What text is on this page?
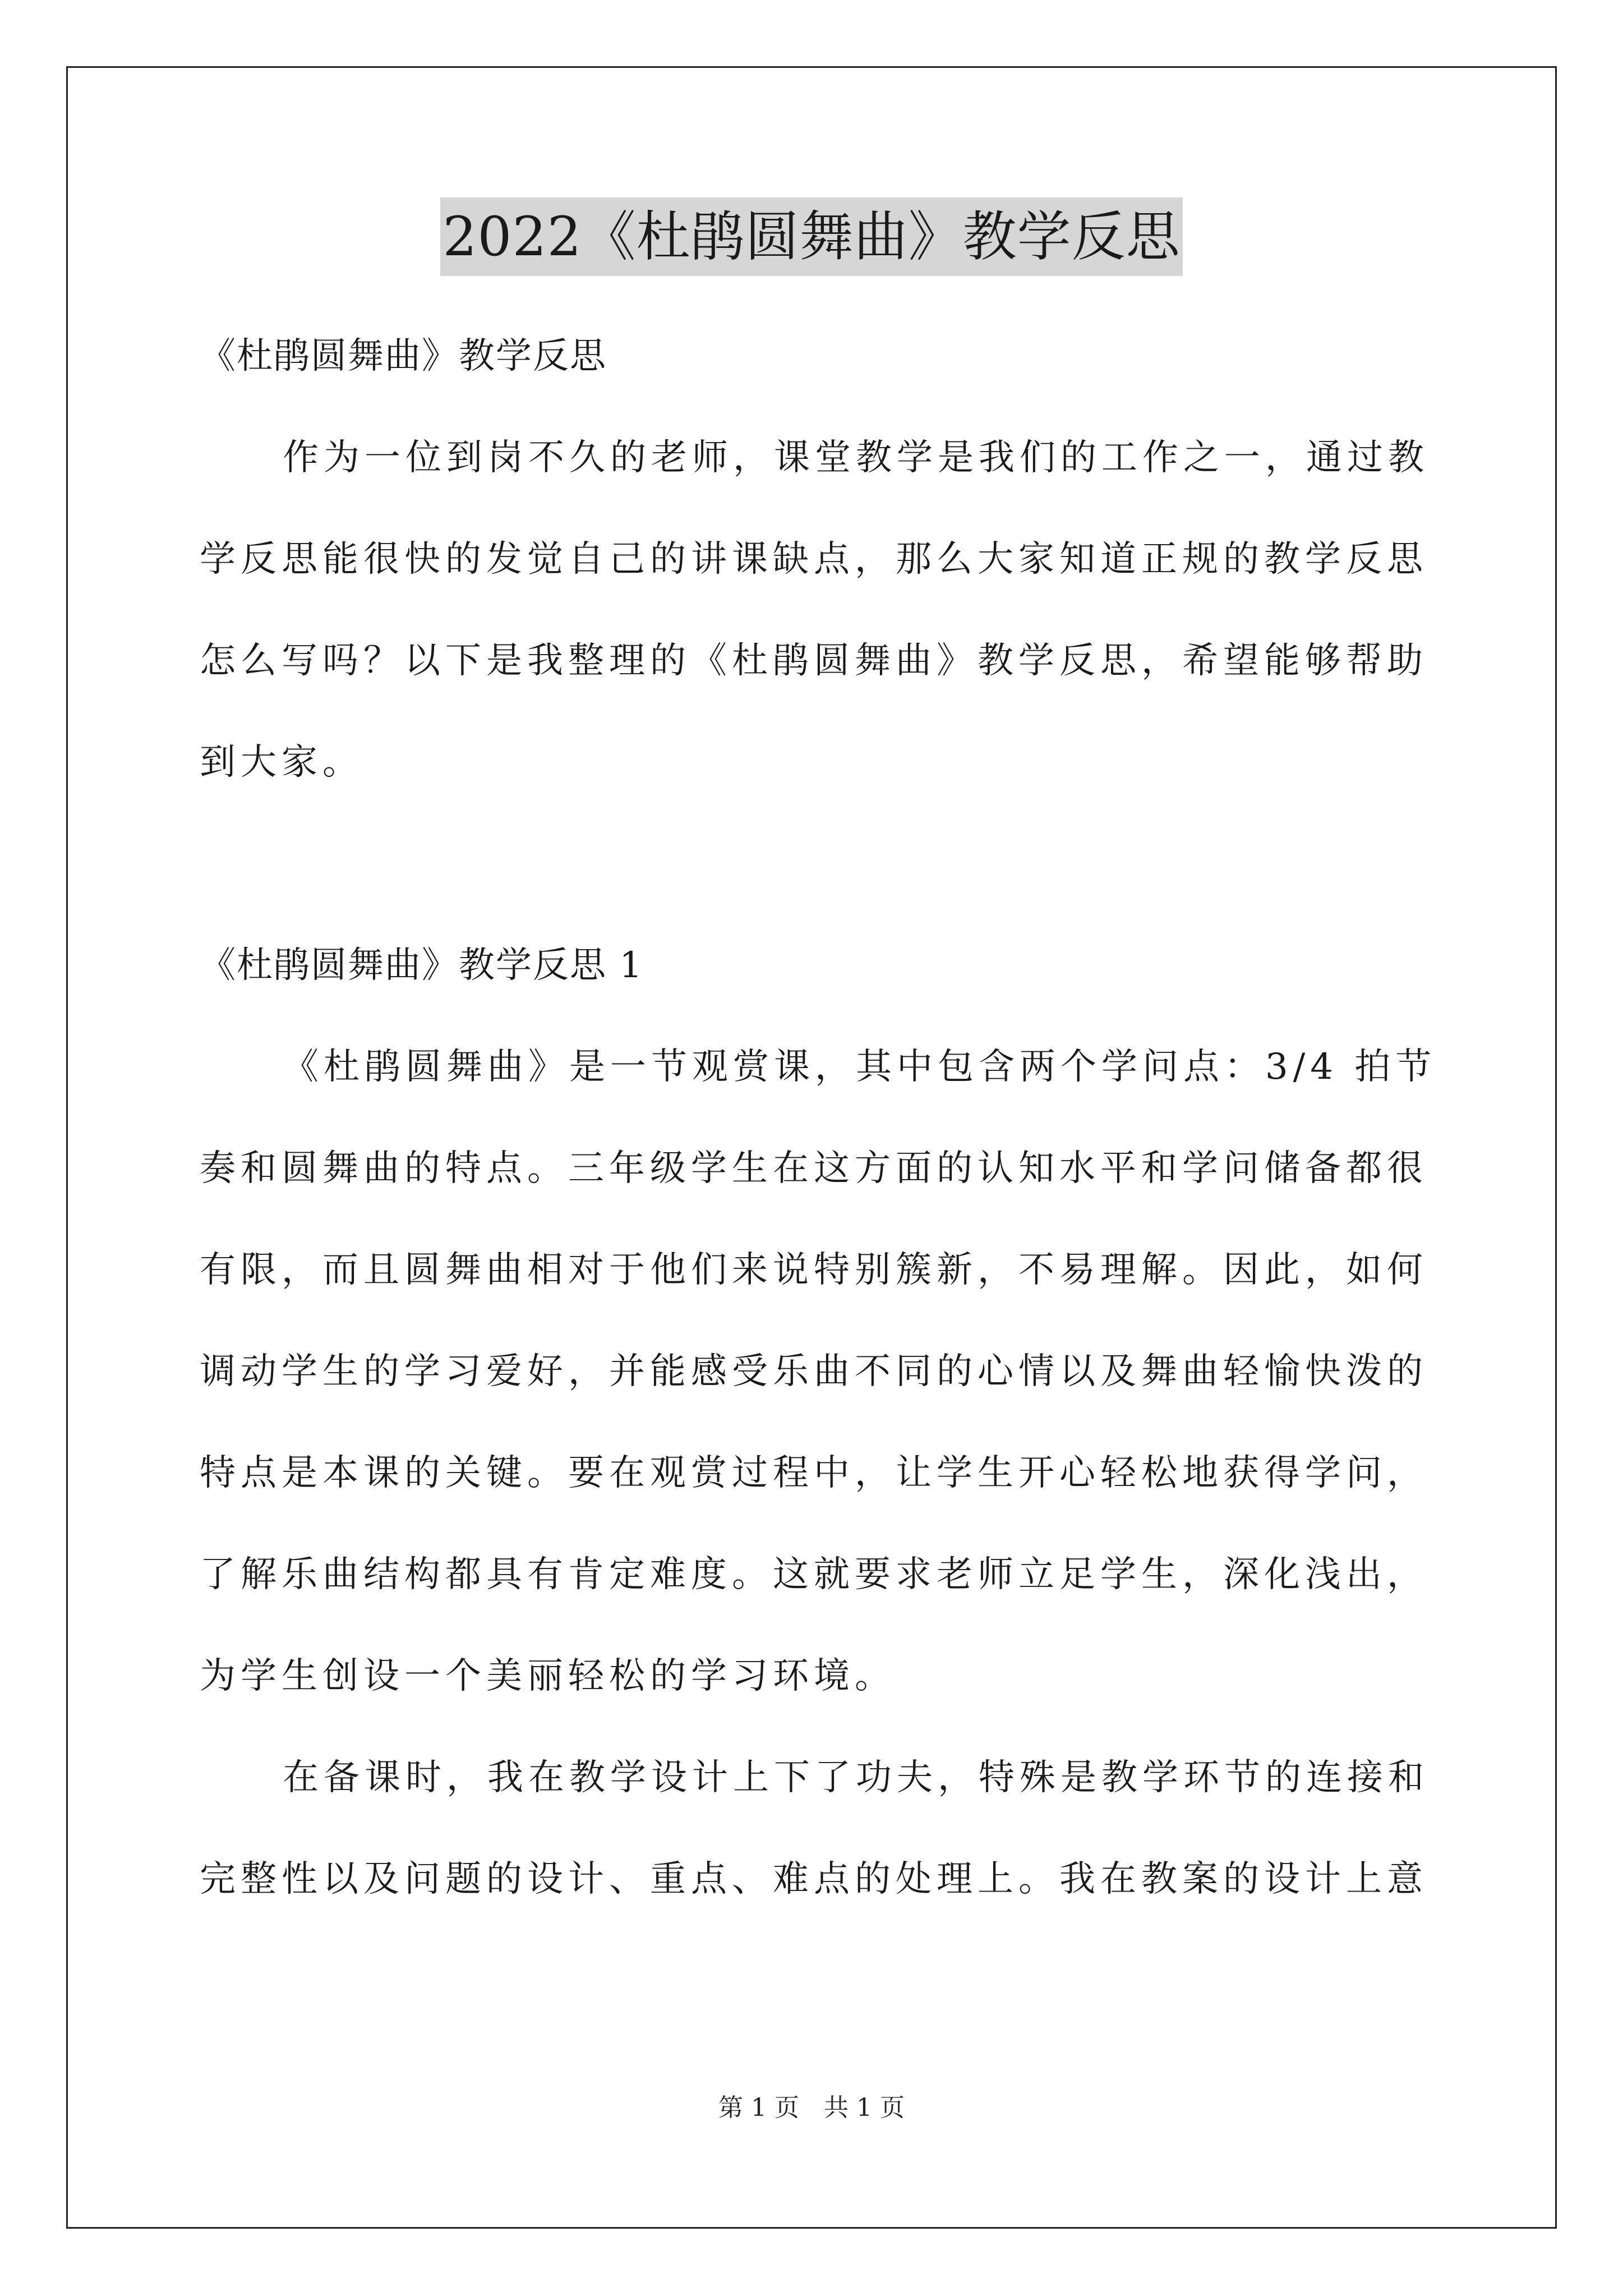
2022《杜鹃圆舞曲》教学反思
《杜鹃圆舞曲》教学反思
作为一位到岗不久的老师，课堂教学是我们的工作之一，通过教
学反思能很快的发觉自己的讲课缺点，那么大家知道正规的教学反思
怎么写吗？以下是我整理的《杜鹃圆舞曲》教学反思，希望能够帮助
到大家。
《杜鹃圆舞曲》教学反思 1
《杜鹃圆舞曲》是一节观赏课，其中包含两个学问点：3/4 拍节
奏和圆舞曲的特点。三年级学生在这方面的认知水平和学问储备都很
有限，而且圆舞曲相对于他们来说特别簇新，不易理解。因此，如何
调动学生的学习爱好，并能感受乐曲不同的心情以及舞曲轻愉快泼的
特点是本课的关键。要在观赏过程中，让学生开心轻松地获得学问，
了解乐曲结构都具有肯定难度。这就要求老师立足学生，深化浅出，
为学生创设一个美丽轻松的学习环境。
在备课时，我在教学设计上下了功夫，特殊是教学环节的连接和
完整性以及问题的设计、重点、难点的处理上。我在教案的设计上意
第 1 页　共 1 页
